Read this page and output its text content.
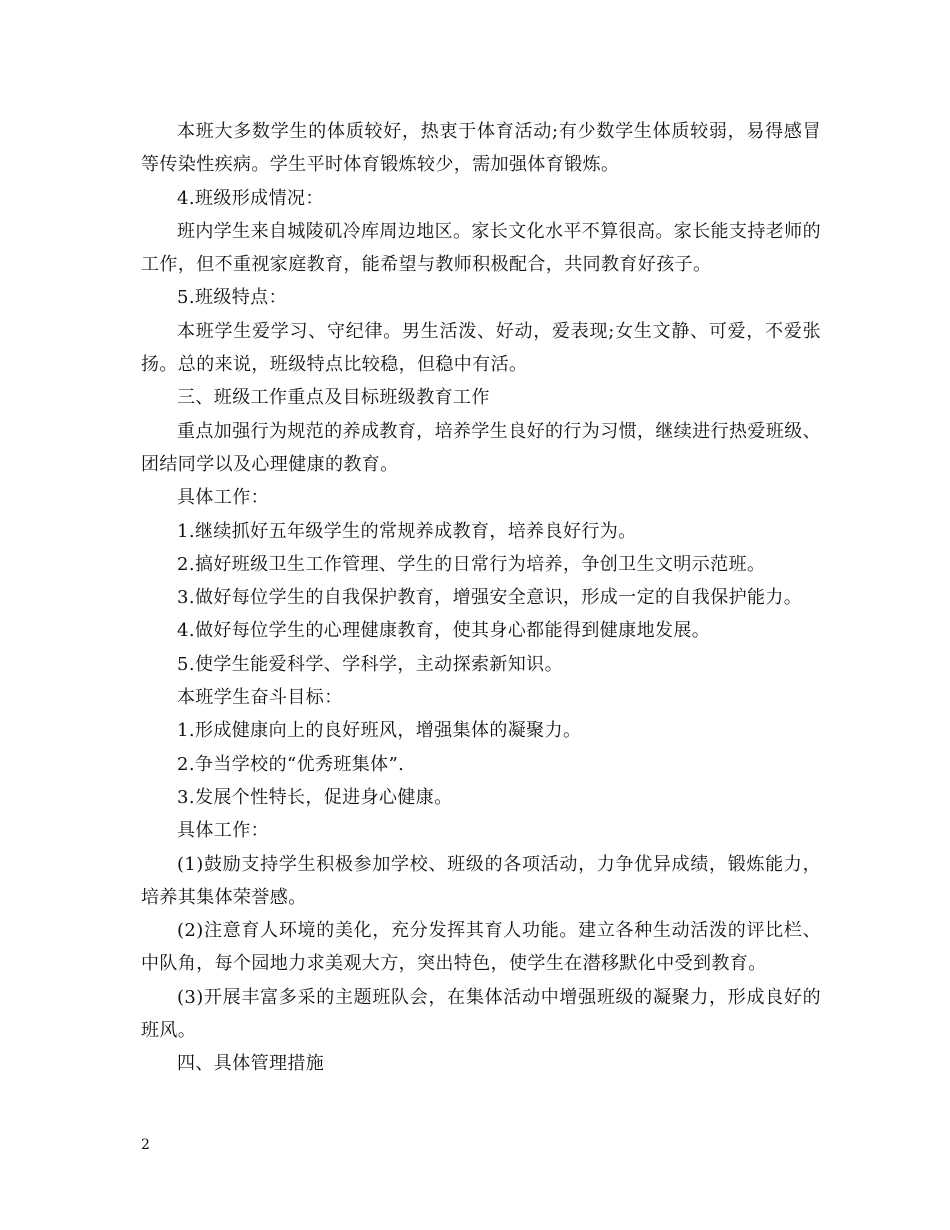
本班大多数学生的体质较好，热衷于体育活动;有少数学生体质较弱，易得感冒等传染性疾病。学生平时体育锻炼较少，需加强体育锻炼。

4.班级形成情况：

班内学生来自城陵矶冷库周边地区。家长文化水平不算很高。家长能支持老师的工作，但不重视家庭教育，能希望与教师积极配合，共同教育好孩子。

5.班级特点：

本班学生爱学习、守纪律。男生活泼、好动，爱表现;女生文静、可爱，不爱张扬。总的来说，班级特点比较稳，但稳中有活。

三、班级工作重点及目标班级教育工作

重点加强行为规范的养成教育，培养学生良好的行为习惯，继续进行热爱班级、团结同学以及心理健康的教育。

具体工作：

1.继续抓好五年级学生的常规养成教育，培养良好行为。

2.搞好班级卫生工作管理、学生的日常行为培养，争创卫生文明示范班。

3.做好每位学生的自我保护教育，增强安全意识，形成一定的自我保护能力。

4.做好每位学生的心理健康教育，使其身心都能得到健康地发展。

5.使学生能爱科学、学科学，主动探索新知识。

本班学生奋斗目标：

1.形成健康向上的良好班风，增强集体的凝聚力。

2.争当学校的“优秀班集体”.

3.发展个性特长，促进身心健康。

具体工作：

(1)鼓励支持学生积极参加学校、班级的各项活动，力争优异成绩，锻炼能力，培养其集体荣誉感。

(2)注意育人环境的美化，充分发挥其育人功能。建立各种生动活泼的评比栏、中队角，每个园地力求美观大方，突出特色，使学生在潜移默化中受到教育。

(3)开展丰富多采的主题班队会，在集体活动中增强班级的凝聚力，形成良好的班风。

四、具体管理措施

2
